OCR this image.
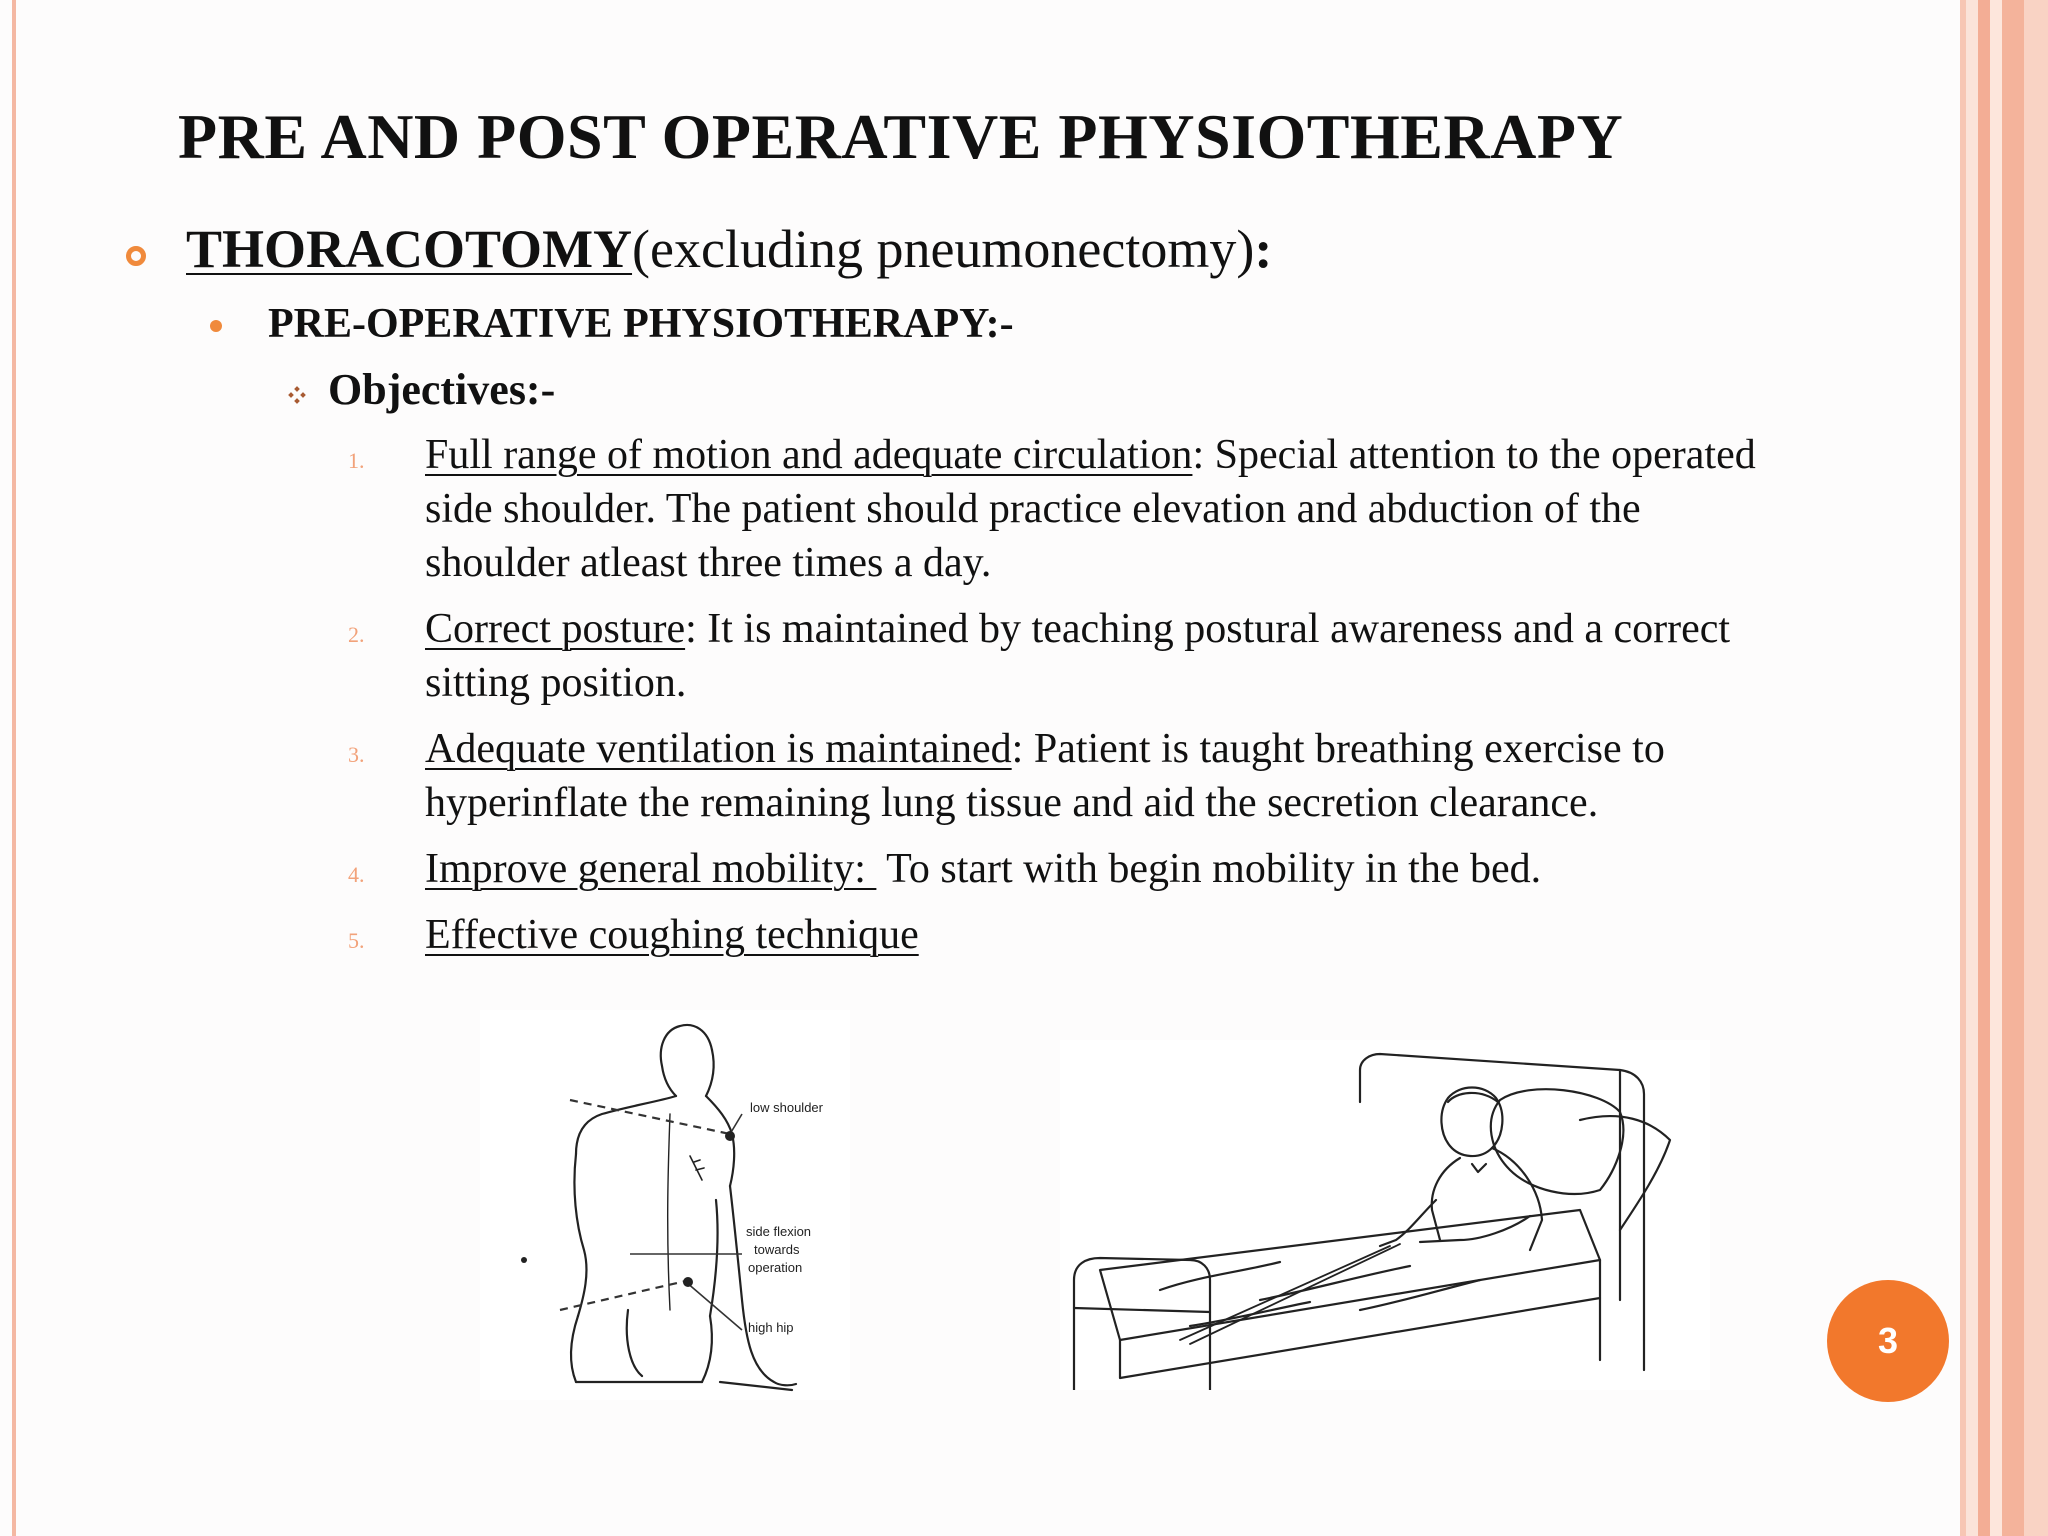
PRE AND POST OPERATIVE PHYSIOTHERAPY
THORACOTOMY(excluding pneumonectomy):
PRE-OPERATIVE PHYSIOTHERAPY:-
Objectives:-
1. Full range of motion and adequate circulation: Special attention to the operated side shoulder. The patient should practice elevation and abduction of the shoulder atleast three times a day.
2. Correct posture: It is maintained by teaching postural awareness and a correct sitting position.
3. Adequate ventilation is maintained: Patient is taught breathing exercise to hyperinflate the remaining lung tissue and aid the secretion clearance.
4. Improve general mobility:  To start with begin mobility in the bed.
5. Effective coughing technique
low shoulder
side flexion
towards
operation
high hip	3
